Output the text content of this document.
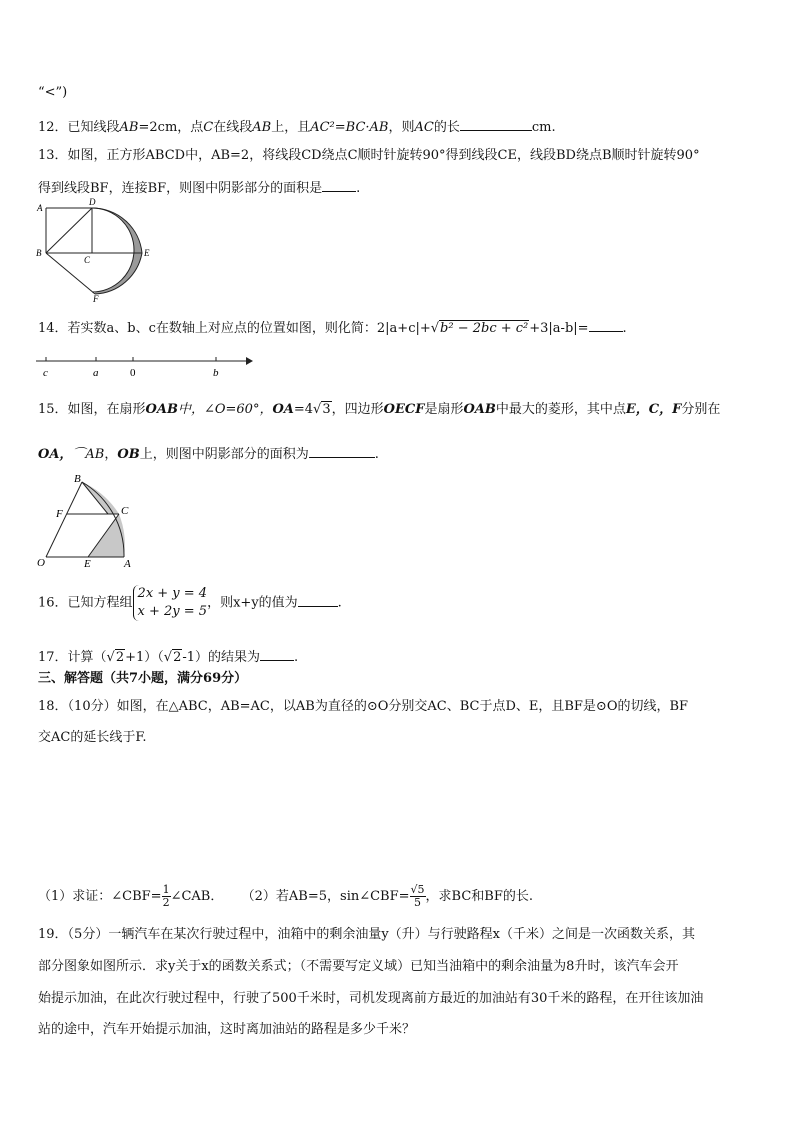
“<”)
12．已知线段AB=2cm，点C在线段AB上，且AC²=BC·AB，则AC的长	cm.
13．如图，正方形ABCD中，AB=2，将线段CD绕点C顺时针旋转90°得到线段CE，线段BD绕点B顺时针旋转90°
得到线段BF，连接BF，则图中阴影部分的面积是	.
A
D
B
C
E
F
14．若实数a、b、c在数轴上对应点的位置如图，则化简：2|a+c|+√b² − 2bc + c²+3|a-b|=	.
c	a	0	b
15．如图，在扇形OAB中，∠O=60°，OA=4√3，四边形OECF是扇形OAB中最大的菱形，其中点E，C，F分别在
OA，⌒AB，OB上，则图中阴影部分的面积为	.
B
F	C
O	E	A
16．已知方程组
2x + y = 4
x + 2y = 5
，则x+y的值为	.
17．计算（√2+1）（√2-1）的结果为	.
三、解答题（共7小题，满分69分）
18．（10分）如图，在△ABC，AB=AC，以AB为直径的⊙O分别交AC、BC于点D、E，且BF是⊙O的切线，BF
交AC的延长线于F.
（1）求证：∠CBF= $\frac{1}{2}$ ∠CAB． （2）若AB=5，sin∠CBF= $\frac{√5}{5}$ ，求BC和BF的长.
19．（5分）一辆汽车在某次行驶过程中，油箱中的剩余油量y（升）与行驶路程x（千米）之间是一次函数关系，其
部分图象如图所示．求y关于x的函数关系式；（不需要写定义域）已知当油箱中的剩余油量为8升时，该汽车会开
始提示加油，在此次行驶过程中，行驶了500千米时，司机发现离前方最近的加油站有30千米的路程，在开往该加油
站的途中，汽车开始提示加油，这时离加油站的路程是多少千米？
